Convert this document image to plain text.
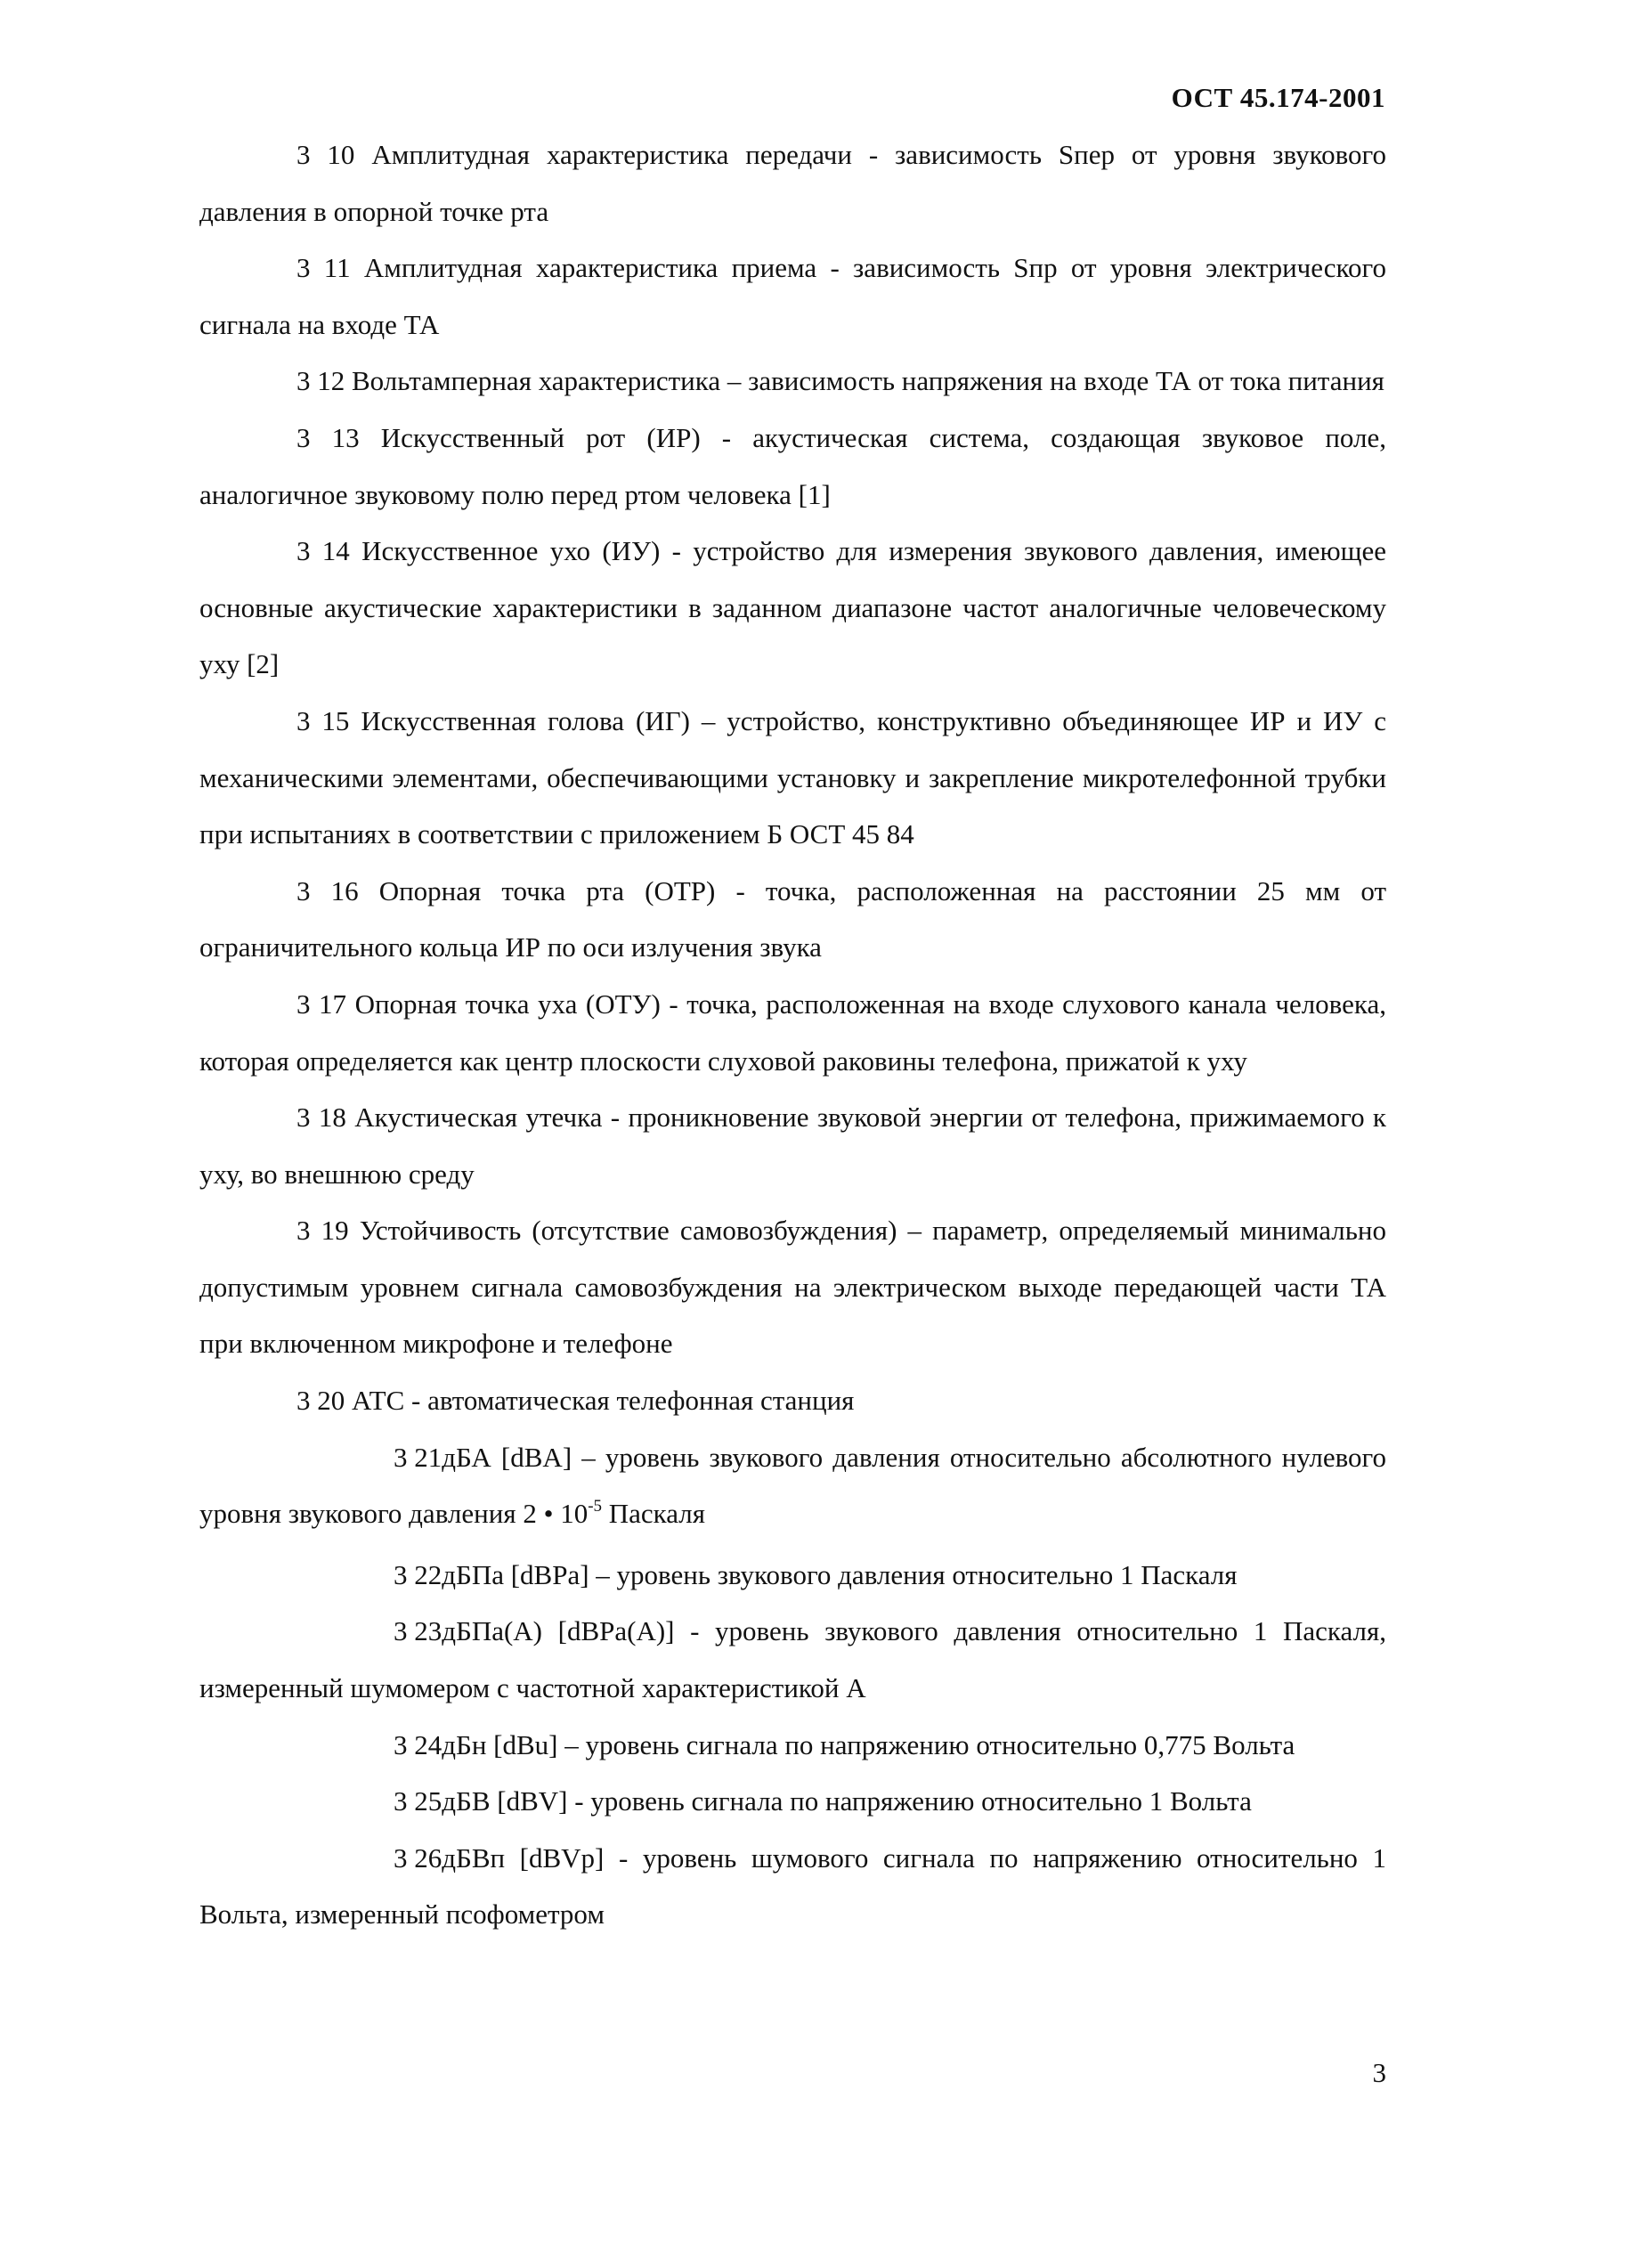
ОСТ 45.174-2001

3 10 Амплитудная характеристика передачи - зависимость Sпер от уровня звукового давления в опорной точке рта

3 11 Амплитудная характеристика приема - зависимость Sпр от уровня электрического сигнала на входе ТА

3 12 Вольтамперная характеристика – зависимость напряжения на входе ТА от тока питания

3 13 Искусственный рот (ИР) - акустическая система, создающая звуковое поле, аналогичное звуковому полю перед ртом человека [1]

3 14 Искусственное ухо (ИУ) - устройство для измерения звукового давления, имеющее основные акустические характеристики в заданном диапазоне частот аналогичные человеческому уху [2]

3 15 Искусственная голова (ИГ) – устройство, конструктивно объединяющее ИР и ИУ с механическими элементами, обеспечивающими установку и закрепление микротелефонной трубки при испытаниях в соответствии с приложением Б ОСТ 45 84

3 16 Опорная точка рта (ОТР) - точка, расположенная на расстоянии 25 мм от ограничительного кольца ИР по оси излучения звука

3 17 Опорная точка уха (ОТУ) - точка, расположенная на входе слухового канала человека, которая определяется как центр плоскости слуховой раковины телефона, прижатой к уху

3 18 Акустическая утечка - проникновение звуковой энергии от телефона, прижимаемого к уху, во внешнюю среду

3 19 Устойчивость (отсутствие самовозбуждения) – параметр, определяемый минимально допустимым уровнем сигнала самовозбуждения на электрическом выходе передающей части ТА при включенном микрофоне и телефоне

3 20 АТС - автоматическая телефонная станция

3 21дБА [dBA] – уровень звукового давления относительно абсолютного нулевого уровня звукового давления 2 • $10^{-5}$ Паскаля

3 22дБПа [dBPa] – уровень звукового давления относительно 1 Паскаля

3 23дБПа(А) [dBPa(A)] - уровень звукового давления относительно 1 Паскаля, измеренный шумомером с частотной характеристикой А

3 24дБн [dBu] – уровень сигнала по напряжению относительно 0,775 Вольта

3 25дБВ [dBV] - уровень сигнала по напряжению относительно 1 Вольта

3 26дБВп [dBVp] - уровень шумового сигнала по напряжению относительно 1 Вольта, измеренный псофометром

3
